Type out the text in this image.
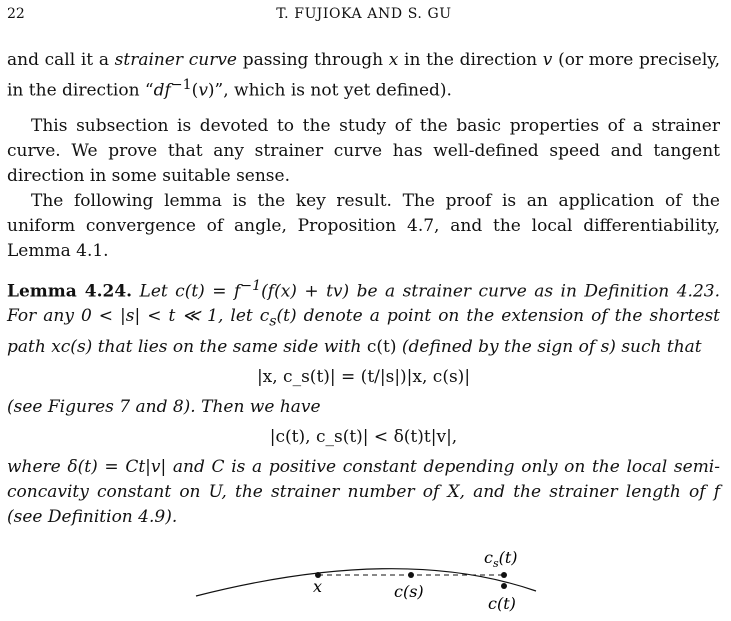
22	T. FUJIOKA AND S. GU

and call it a strainer curve passing through x in the direction v (or more precisely, in the direction “$df^{-1}(v)$”, which is not yet defined).

This subsection is devoted to the study of the basic properties of a strainer curve. We prove that any strainer curve has well-defined speed and tangent direction in some suitable sense.

The following lemma is the key result. The proof is an application of the uniform convergence of angle, Proposition 4.7, and the local differentiability, Lemma 4.1.

Lemma 4.24. Let $c(t) = f^{-1}(f(x) + tv)$ be a strainer curve as in Definition 4.23. For any 0 < |s| < t ≪ 1, let $c_s(t)$ denote a point on the extension of the shortest path xc(s) that lies on the same side with c(t) (defined by the sign of s) such that
|x, c_s(t)| = (t/|s|)|x, c(s)|
(see Figures 7 and 8). Then we have
|c(t), c_s(t)| < δ(t)t|v|,
where δ(t) = Ct|v| and C is a positive constant depending only on the local semi-concavity constant on U, the strainer number of X, and the strainer length of f (see Definition 4.9).
x	c(s)
c(t)
$c_s(t)$
